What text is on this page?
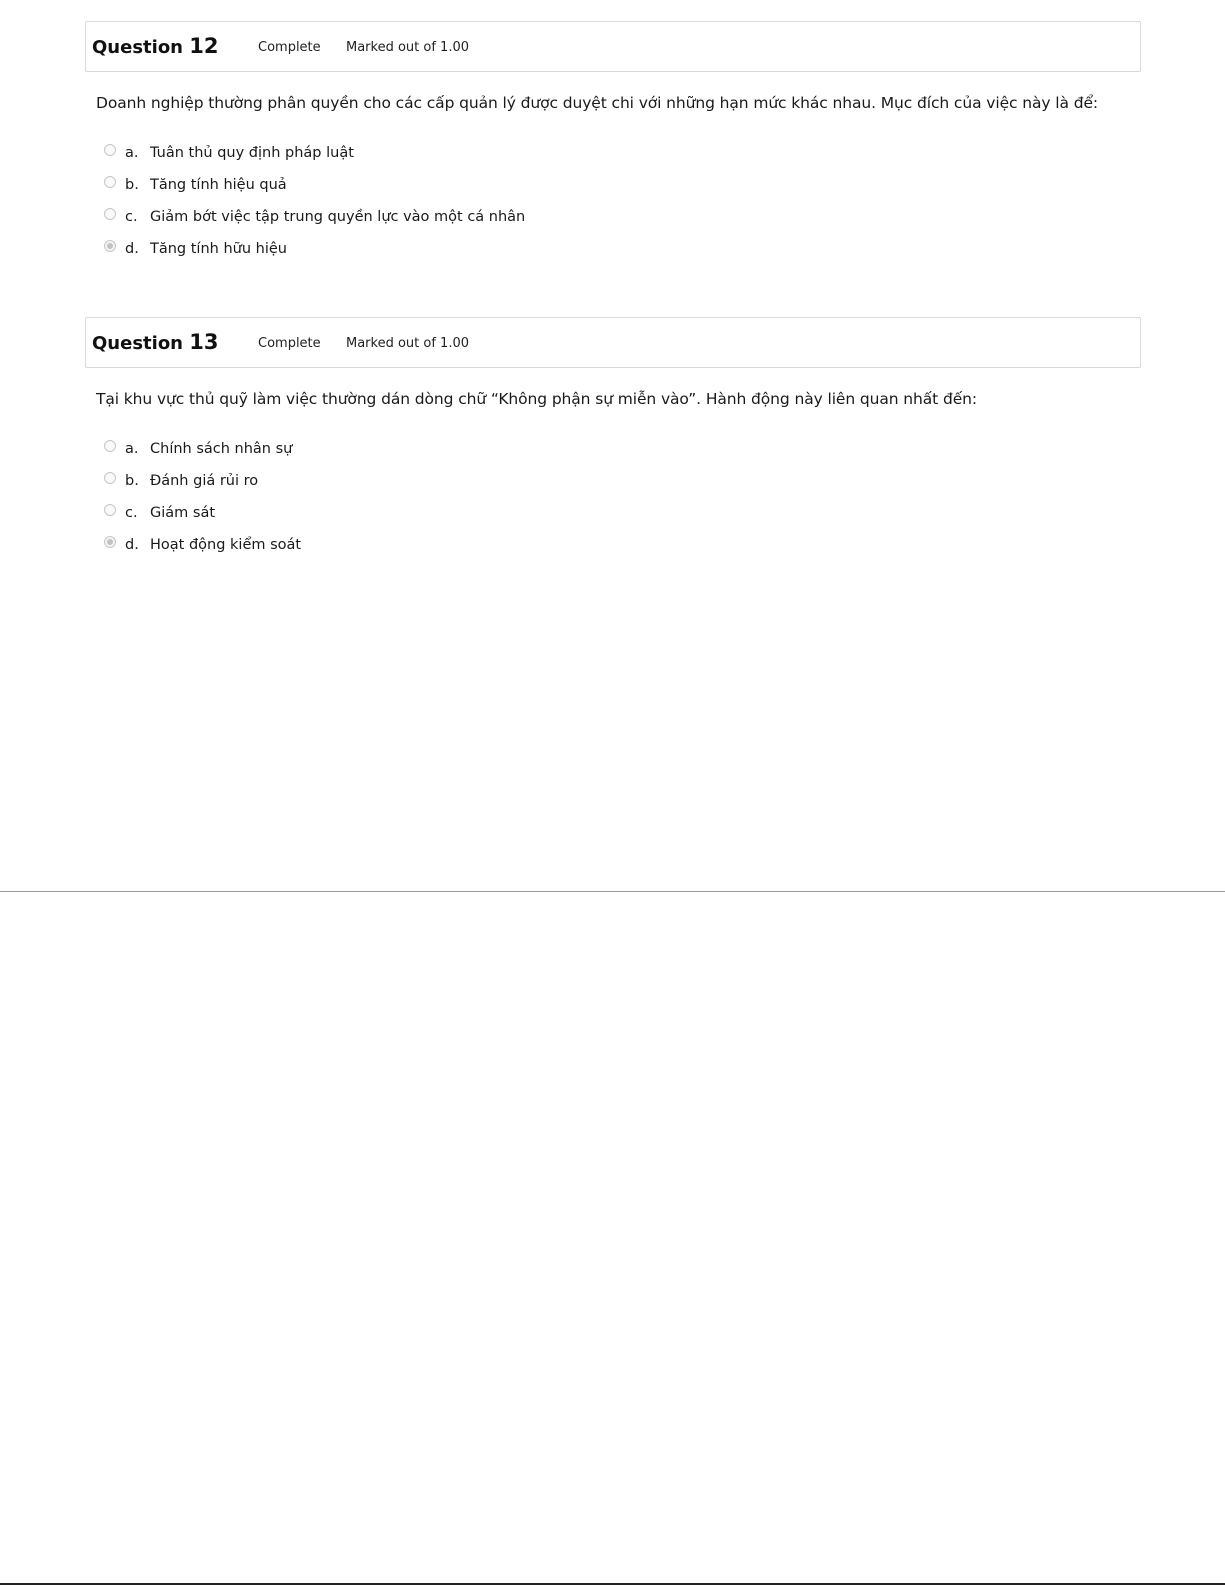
Question 12	Complete Marked out of 1.00
Doanh nghiệp thường phân quyền cho các cấp quản lý được duyệt chi với những hạn mức khác nhau. Mục đích của việc này là để:
a. Tuân thủ quy định pháp luật
b. Tăng tính hiệu quả
c. Giảm bớt việc tập trung quyền lực vào một cá nhân
d. Tăng tính hữu hiệu
Question 13	Complete Marked out of 1.00
Tại khu vực thủ quỹ làm việc thường dán dòng chữ “Không phận sự miễn vào”. Hành động này liên quan nhất đến:
a. Chính sách nhân sự
b. Đánh giá rủi ro
c. Giám sát
d. Hoạt động kiểm soát
